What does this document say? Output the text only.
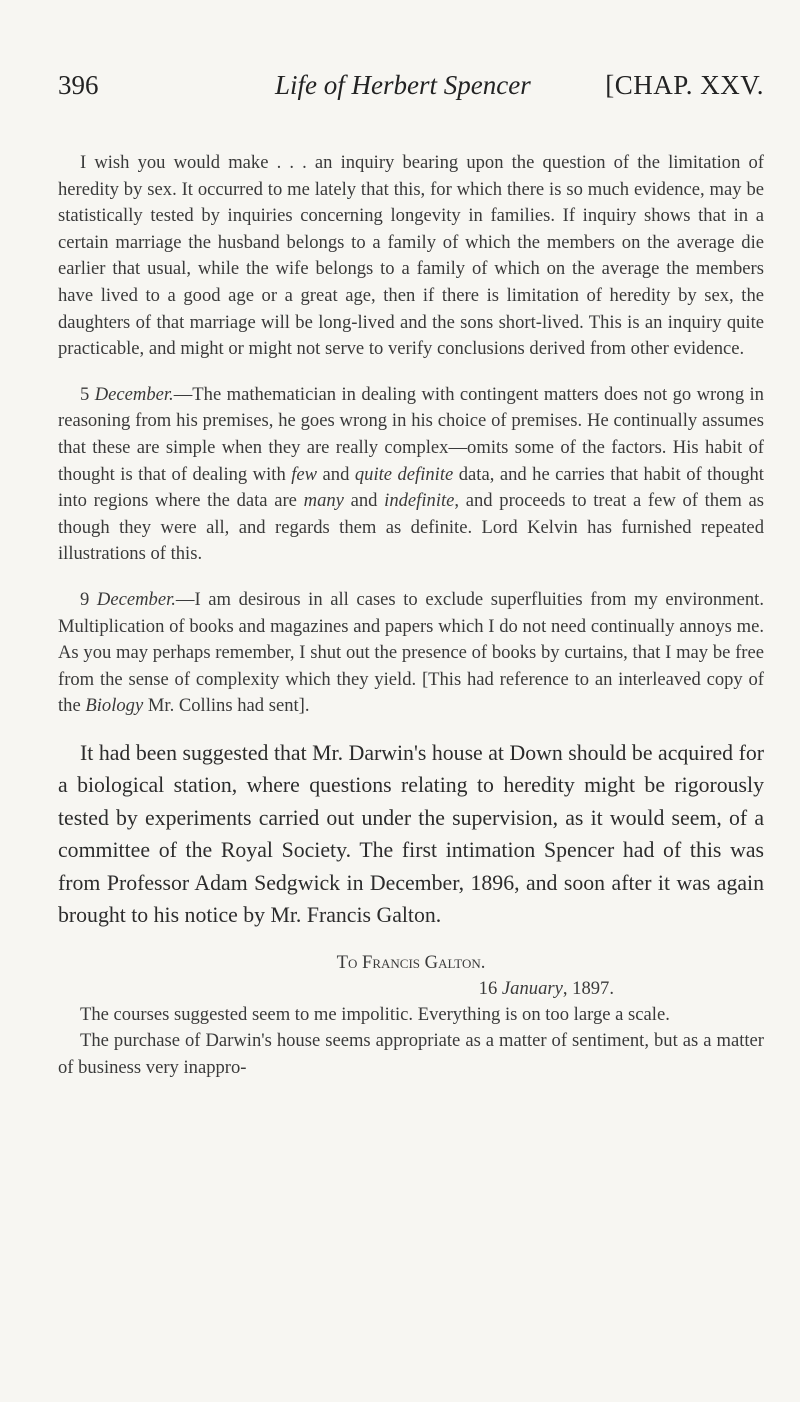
396	Life of Herbert Spencer	[CHAP. XXV.

I wish you would make . . . an inquiry bearing upon the question of the limitation of heredity by sex. It occurred to me lately that this, for which there is so much evidence, may be statistically tested by inquiries concerning longevity in families. If inquiry shows that in a certain marriage the husband belongs to a family of which the members on the average die earlier that usual, while the wife belongs to a family of which on the average the members have lived to a good age or a great age, then if there is limitation of heredity by sex, the daughters of that marriage will be long-lived and the sons short-lived. This is an inquiry quite practicable, and might or might not serve to verify conclusions derived from other evidence.

5 December.—The mathematician in dealing with contingent matters does not go wrong in reasoning from his premises, he goes wrong in his choice of premises. He continually assumes that these are simple when they are really complex—omits some of the factors. His habit of thought is that of dealing with few and quite definite data, and he carries that habit of thought into regions where the data are many and indefinite, and proceeds to treat a few of them as though they were all, and regards them as definite. Lord Kelvin has furnished repeated illustrations of this.

9 December.—I am desirous in all cases to exclude superfluities from my environment. Multiplication of books and magazines and papers which I do not need continually annoys me. As you may perhaps remember, I shut out the presence of books by curtains, that I may be free from the sense of complexity which they yield. [This had reference to an interleaved copy of the Biology Mr. Collins had sent].

It had been suggested that Mr. Darwin's house at Down should be acquired for a biological station, where questions relating to heredity might be rigorously tested by experiments carried out under the supervision, as it would seem, of a committee of the Royal Society. The first intimation Spencer had of this was from Professor Adam Sedgwick in December, 1896, and soon after it was again brought to his notice by Mr. Francis Galton.

To Francis Galton.
16 January, 1897.

The courses suggested seem to me impolitic. Everything is on too large a scale.

The purchase of Darwin's house seems appropriate as a matter of sentiment, but as a matter of business very inappro-
